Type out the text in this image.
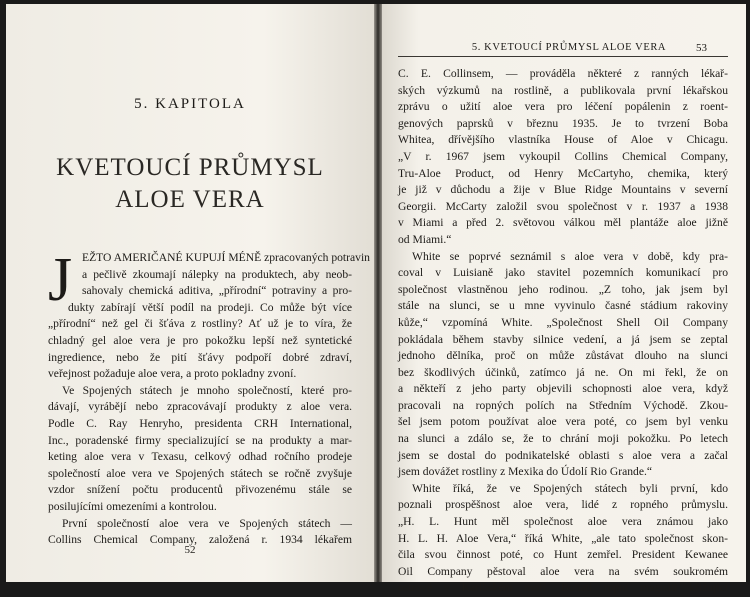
5. KAPITOLA
KVETOUCÍ PRŮMYSL
ALOE VERA
J EŽTO AMERIČANÉ KUPUJÍ MÉNĚ zpracovaných potravin
a pečlivě zkoumají nálepky na produktech, aby neob-
sahovaly chemická aditiva, „přírodní“ potraviny a pro-
dukty zabírají větší podíl na prodeji. Co může být více
„přírodní“ než gel či šťáva z rostliny? Ať už je to víra, že
chladný gel aloe vera je pro pokožku lepší než syntetické
ingredience, nebo že pití šťávy podpoří dobré zdraví,
veřejnost požaduje aloe vera, a proto pokladny zvoní.
Ve Spojených státech je mnoho společností, které pro-
dávají, vyrábějí nebo zpracovávají produkty z aloe vera.
Podle C. Ray Henryho, presidenta CRH International,
Inc., poradenské firmy specializující se na produkty a mar-
keting aloe vera v Texasu, celkový odhad ročního prodeje
společností aloe vera ve Spojených státech se ročně zvyšuje
vzdor snížení počtu producentů přivozenému stále se
posilujícími omezeními a kontrolou.
První společností aloe vera ve Spojených státech —
Collins Chemical Company, založená r. 1934 lékařem
52
5. KVETOUCÍ PRŮMYSL ALOE VERA	53
C. E. Collinsem, — prováděla některé z ranných lékař-
ských výzkumů na rostlině, a publikovala první lékařskou
zprávu o užití aloe vera pro léčení popálenin z roent-
genových paprsků v březnu 1935. Je to tvrzení Boba
Whitea, dřívějšího vlastníka House of Aloe v Chicagu.
„V r. 1967 jsem vykoupil Collins Chemical Company,
Tru-Aloe Product, od Henry McCartyho, chemika, který
je již v důchodu a žije v Blue Ridge Mountains v severní
Georgii. McCarty založil svou společnost v r. 1937 a 1938
v Miami a před 2. světovou válkou měl plantáže aloe jižně
od Miami.“
White se poprvé seznámil s aloe vera v době, kdy pra-
coval v Luisianě jako stavitel pozemních komunikací pro
společnost vlastněnou jeho rodinou. „Z toho, jak jsem byl
stále na slunci, se u mne vyvinulo časné stádium rakoviny
kůže,“ vzpomíná White. „Společnost Shell Oil Company
pokládala během stavby silnice vedení, a já jsem se zeptal
jednoho dělníka, proč on může zůstávat dlouho na slunci
bez škodlivých účinků, zatímco já ne. On mi řekl, že on
a někteří z jeho party objevili schopnosti aloe vera, když
pracovali na ropných polích na Středním Východě. Zkou-
šel jsem potom používat aloe vera poté, co jsem byl venku
na slunci a zdálo se, že to chrání moji pokožku. Po letech
jsem se dostal do podnikatelské oblasti s aloe vera a začal
jsem dovážet rostliny z Mexika do Údolí Rio Grande.“
White říká, že ve Spojených státech byli první, kdo
poznali prospěšnost aloe vera, lidé z ropného průmyslu.
„H. L. Hunt měl společnost aloe vera známou jako
H. L. H. Aloe Vera,“ říká White, „ale tato společnost skon-
čila svou činnost poté, co Hunt zemřel. President Kewanee
Oil Company pěstoval aloe vera na svém soukromém
ostrově v Karibském moři. Bohatí ropní magnáti křižující
